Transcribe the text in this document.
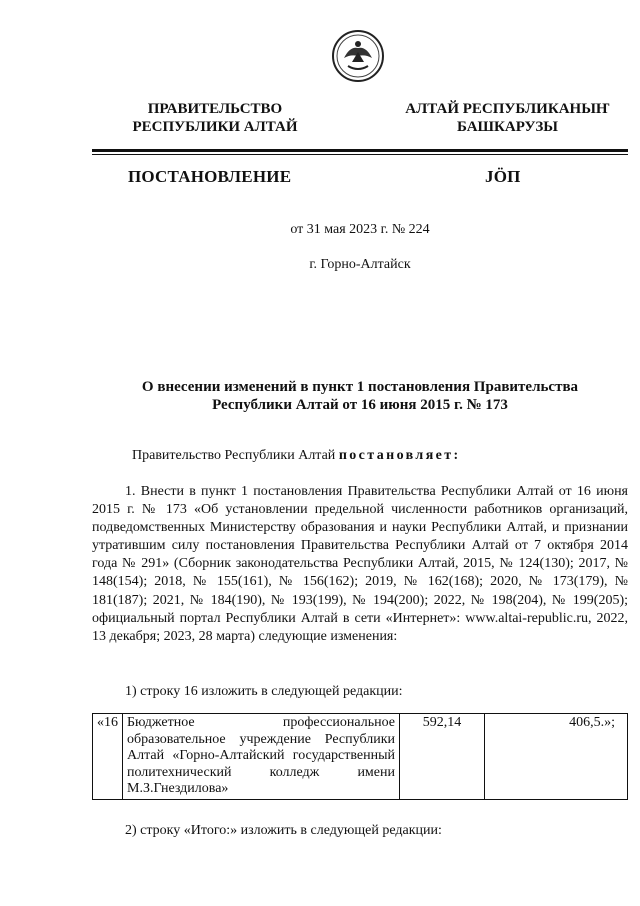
ПРАВИТЕЛЬСТВО
РЕСПУБЛИКИ АЛТАЙ
АЛТАЙ РЕСПУБЛИКАНЫҤ
БАШКАРУЗЫ
ПОСТАНОВЛЕНИЕ	JӦП
от 31 мая 2023 г. № 224
г. Горно-Алтайск
О внесении изменений в пункт 1 постановления Правительства
Республики Алтай от 16 июня 2015 г. № 173
Правительство Республики Алтай постановляет:
1. Внести в пункт 1 постановления Правительства Республики Алтай от 16 июня 2015 г. № 173 «Об установлении предельной численности работников организаций, подведомственных Министерству образования и науки Республики Алтай, и признании утратившим силу постановления Правительства Республики Алтай от 7 октября 2014 года № 291» (Сборник законодательства Республики Алтай, 2015, № 124(130); 2017, № 148(154); 2018, № 155(161), № 156(162); 2019, № 162(168); 2020, № 173(179), № 181(187); 2021, № 184(190), № 193(199), № 194(200); 2022, № 198(204), № 199(205); официальный портал Республики Алтай в сети «Интернет»: www.altai-republic.ru, 2022, 13 декабря; 2023, 28 марта) следующие изменения:
1) строку 16 изложить в следующей редакции:
«16	Бюджетное профессиональное образовательное учреждение Республики Алтай «Горно-Алтайский государственный политехнический колледж имени М.З.Гнездилова»	592,14	406,5.»;
2) строку «Итого:» изложить в следующей редакции:
